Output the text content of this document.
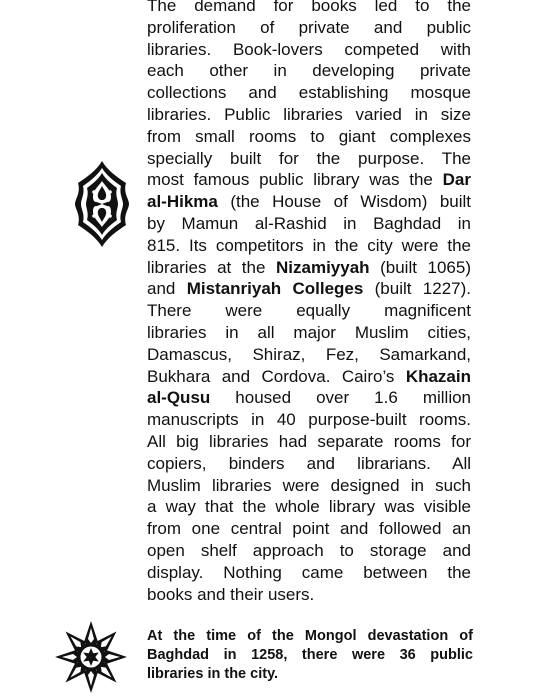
The demand for books led to the
proliferation of private and public
libraries. Book-lovers competed with
each other in developing private
collections and establishing mosque
libraries. Public libraries varied in size
from small rooms to giant complexes
specially built for the purpose. The
most famous public library was the Dar
al-Hikma (the House of Wisdom) built
by Mamun al-Rashid in Baghdad in
815. Its competitors in the city were the
libraries at the Nizamiyyah (built 1065)
and Mistanriyah Colleges (built 1227).
There were equally magnificent
libraries in all major Muslim cities,
Damascus, Shiraz, Fez, Samarkand,
Bukhara and Cordova. Cairo’s Khazain
al-Qusu housed over 1.6 million
manuscripts in 40 purpose-built rooms.
All big libraries had separate rooms for
copiers, binders and librarians. All
Muslim libraries were designed in such
a way that the whole library was visible
from one central point and followed an
open shelf approach to storage and
display. Nothing came between the
books and their users.
At the time of the Mongol devastation of
Baghdad in 1258, there were 36 public
libraries in the city.
